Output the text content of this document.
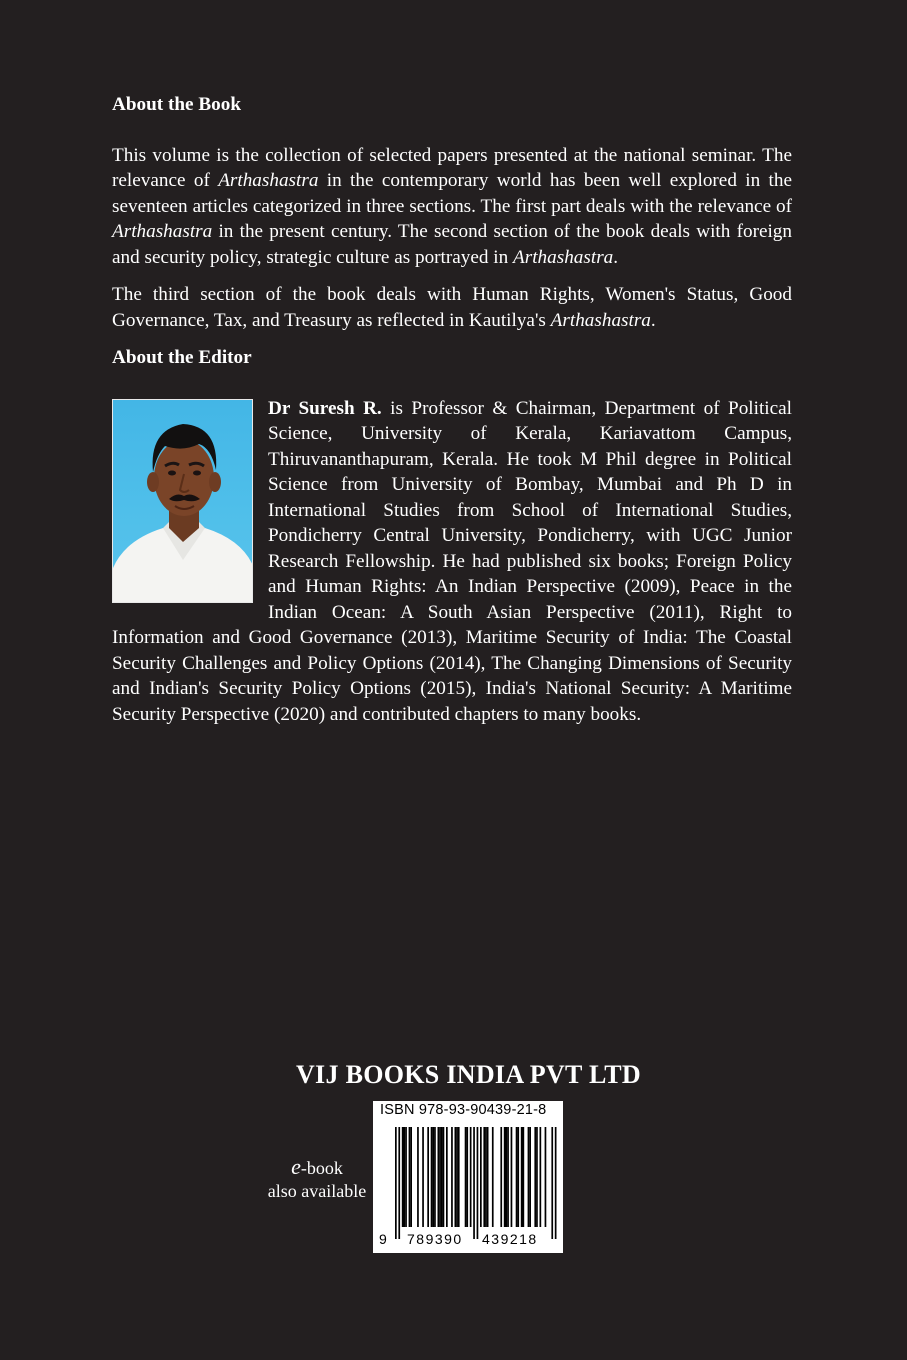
About the Book

This volume is the collection of selected papers presented at the national seminar. The relevance of Arthashastra in the contemporary world has been well explored in the seventeen articles categorized in three sections. The first part deals with the relevance of Arthashastra in the present century. The second section of the book deals with foreign and security policy, strategic culture as portrayed in Arthashastra.

The third section of the book deals with Human Rights, Women's Status, Good Governance, Tax, and Treasury as reflected in Kautilya's Arthashastra.

About the Editor

Dr Suresh R. is Professor & Chairman, Department of Political Science, University of Kerala, Kariavattom Campus, Thiruvananthapuram, Kerala. He took M Phil degree in Political Science from University of Bombay, Mumbai and Ph D in International Studies from School of International Studies, Pondicherry Central University, Pondicherry, with UGC Junior Research Fellowship. He had published six books; Foreign Policy and Human Rights: An Indian Perspective (2009), Peace in the Indian Ocean: A South Asian Perspective (2011), Right to Information and Good Governance (2013), Maritime Security of India: The Coastal Security Challenges and Policy Options (2014), The Changing Dimensions of Security and Indian's Security Policy Options (2015), India's National Security: A Maritime Security Perspective (2020) and contributed chapters to many books.
VIJ BOOKS INDIA PVT LTD
e-book
also available
ISBN 978-93-90439-21-8
9 789390 439218
